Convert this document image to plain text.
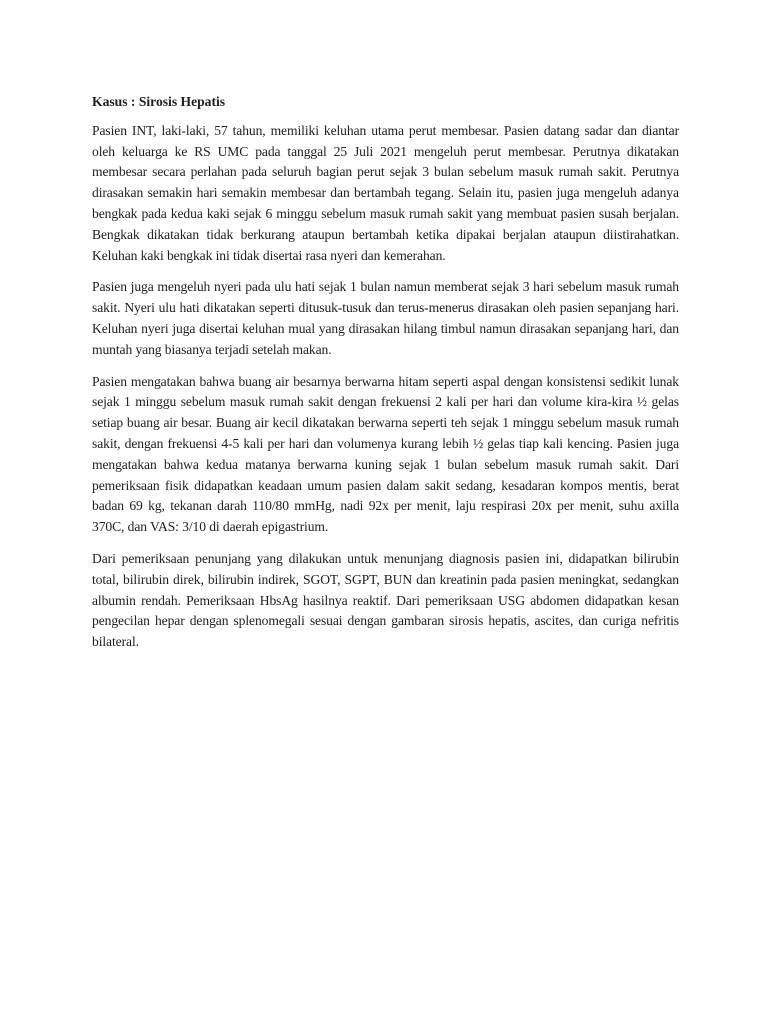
Kasus : Sirosis Hepatis

Pasien INT, laki-laki, 57 tahun, memiliki keluhan utama perut membesar. Pasien datang sadar dan diantar oleh keluarga ke RS UMC pada tanggal 25 Juli 2021 mengeluh perut membesar. Perutnya dikatakan membesar secara perlahan pada seluruh bagian perut sejak 3 bulan sebelum masuk rumah sakit. Perutnya dirasakan semakin hari semakin membesar dan bertambah tegang. Selain itu, pasien juga mengeluh adanya bengkak pada kedua kaki sejak 6 minggu sebelum masuk rumah sakit yang membuat pasien susah berjalan. Bengkak dikatakan tidak berkurang ataupun bertambah ketika dipakai berjalan ataupun diistirahatkan. Keluhan kaki bengkak ini tidak disertai rasa nyeri dan kemerahan.

Pasien juga mengeluh nyeri pada ulu hati sejak 1 bulan namun memberat sejak 3 hari sebelum masuk rumah sakit. Nyeri ulu hati dikatakan seperti ditusuk-tusuk dan terus-menerus dirasakan oleh pasien sepanjang hari. Keluhan nyeri juga disertai keluhan mual yang dirasakan hilang timbul namun dirasakan sepanjang hari, dan muntah yang biasanya terjadi setelah makan.

Pasien mengatakan bahwa buang air besarnya berwarna hitam seperti aspal dengan konsistensi sedikit lunak sejak 1 minggu sebelum masuk rumah sakit dengan frekuensi 2 kali per hari dan volume kira-kira ½ gelas setiap buang air besar. Buang air kecil dikatakan berwarna seperti teh sejak 1 minggu sebelum masuk rumah sakit, dengan frekuensi 4-5 kali per hari dan volumenya kurang lebih ½ gelas tiap kali kencing. Pasien juga mengatakan bahwa kedua matanya berwarna kuning sejak 1 bulan sebelum masuk rumah sakit. Dari pemeriksaan fisik didapatkan keadaan umum pasien dalam sakit sedang, kesadaran kompos mentis, berat badan 69 kg, tekanan darah 110/80 mmHg, nadi 92x per menit, laju respirasi 20x per menit, suhu axilla 370C, dan VAS: 3/10 di daerah epigastrium.

Dari pemeriksaan penunjang yang dilakukan untuk menunjang diagnosis pasien ini, didapatkan bilirubin total, bilirubin direk, bilirubin indirek, SGOT, SGPT, BUN dan kreatinin pada pasien meningkat, sedangkan albumin rendah. Pemeriksaan HbsAg hasilnya reaktif. Dari pemeriksaan USG abdomen didapatkan kesan pengecilan hepar dengan splenomegali sesuai dengan gambaran sirosis hepatis, ascites, dan curiga nefritis bilateral.
